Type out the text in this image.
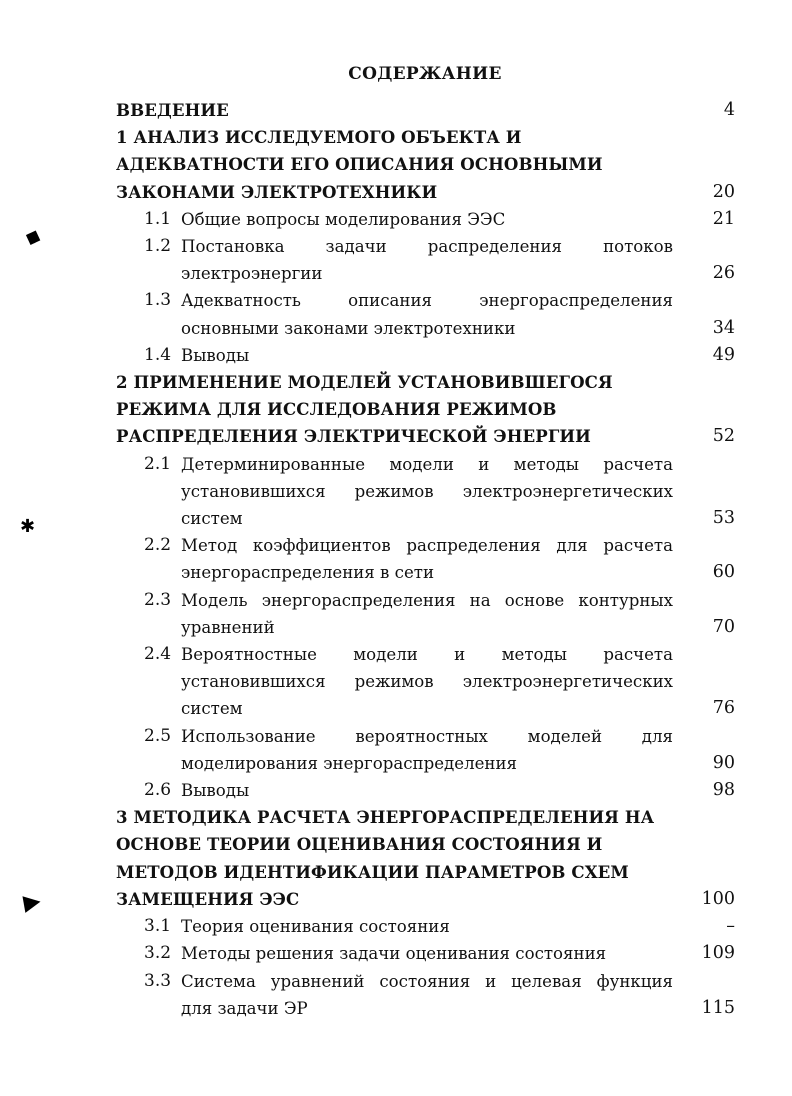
СОДЕРЖАНИЕ
ВВЕДЕНИЕ	4
1 АНАЛИЗ ИССЛЕДУЕМОГО ОБЪЕКТА И
АДЕКВАТНОСТИ ЕГО ОПИСАНИЯ ОСНОВНЫМИ
ЗАКОНАМИ ЭЛЕКТРОТЕХНИКИ	20
1.1 Общие вопросы моделирования ЭЭС	21
1.2 Постановка задачи распределения потоков
электроэнергии	26
1.3 Адекватность описания энергораспределения
основными законами электротехники	34
1.4 Выводы	49
2 ПРИМЕНЕНИЕ МОДЕЛЕЙ УСТАНОВИВШЕГОСЯ
РЕЖИМА ДЛЯ ИССЛЕДОВАНИЯ РЕЖИМОВ
РАСПРЕДЕЛЕНИЯ ЭЛЕКТРИЧЕСКОЙ ЭНЕРГИИ	52
2.1 Детерминированные модели и методы расчета
установившихся режимов электроэнергетических
систем	53
2.2 Метод коэффициентов распределения для расчета
энергораспределения в сети	60
2.3 Модель энергораспределения на основе контурных
уравнений	70
2.4 Вероятностные модели и методы расчета
установившихся режимов электроэнергетических
систем	76
2.5 Использование вероятностных моделей для
моделирования энергораспределения	90
2.6 Выводы	98
3 МЕТОДИКА РАСЧЕТА ЭНЕРГОРАСПРЕДЕЛЕНИЯ НА
ОСНОВЕ ТЕОРИИ ОЦЕНИВАНИЯ СОСТОЯНИЯ И
МЕТОДОВ ИДЕНТИФИКАЦИИ ПАРАМЕТРОВ СХЕМ
ЗАМЕЩЕНИЯ ЭЭС	100
3.1 Теория оценивания состояния	–
3.2 Методы решения задачи оценивания состояния	109
3.3 Система уравнений состояния и целевая функция
для задачи ЭР	115
◆
✱
▲
